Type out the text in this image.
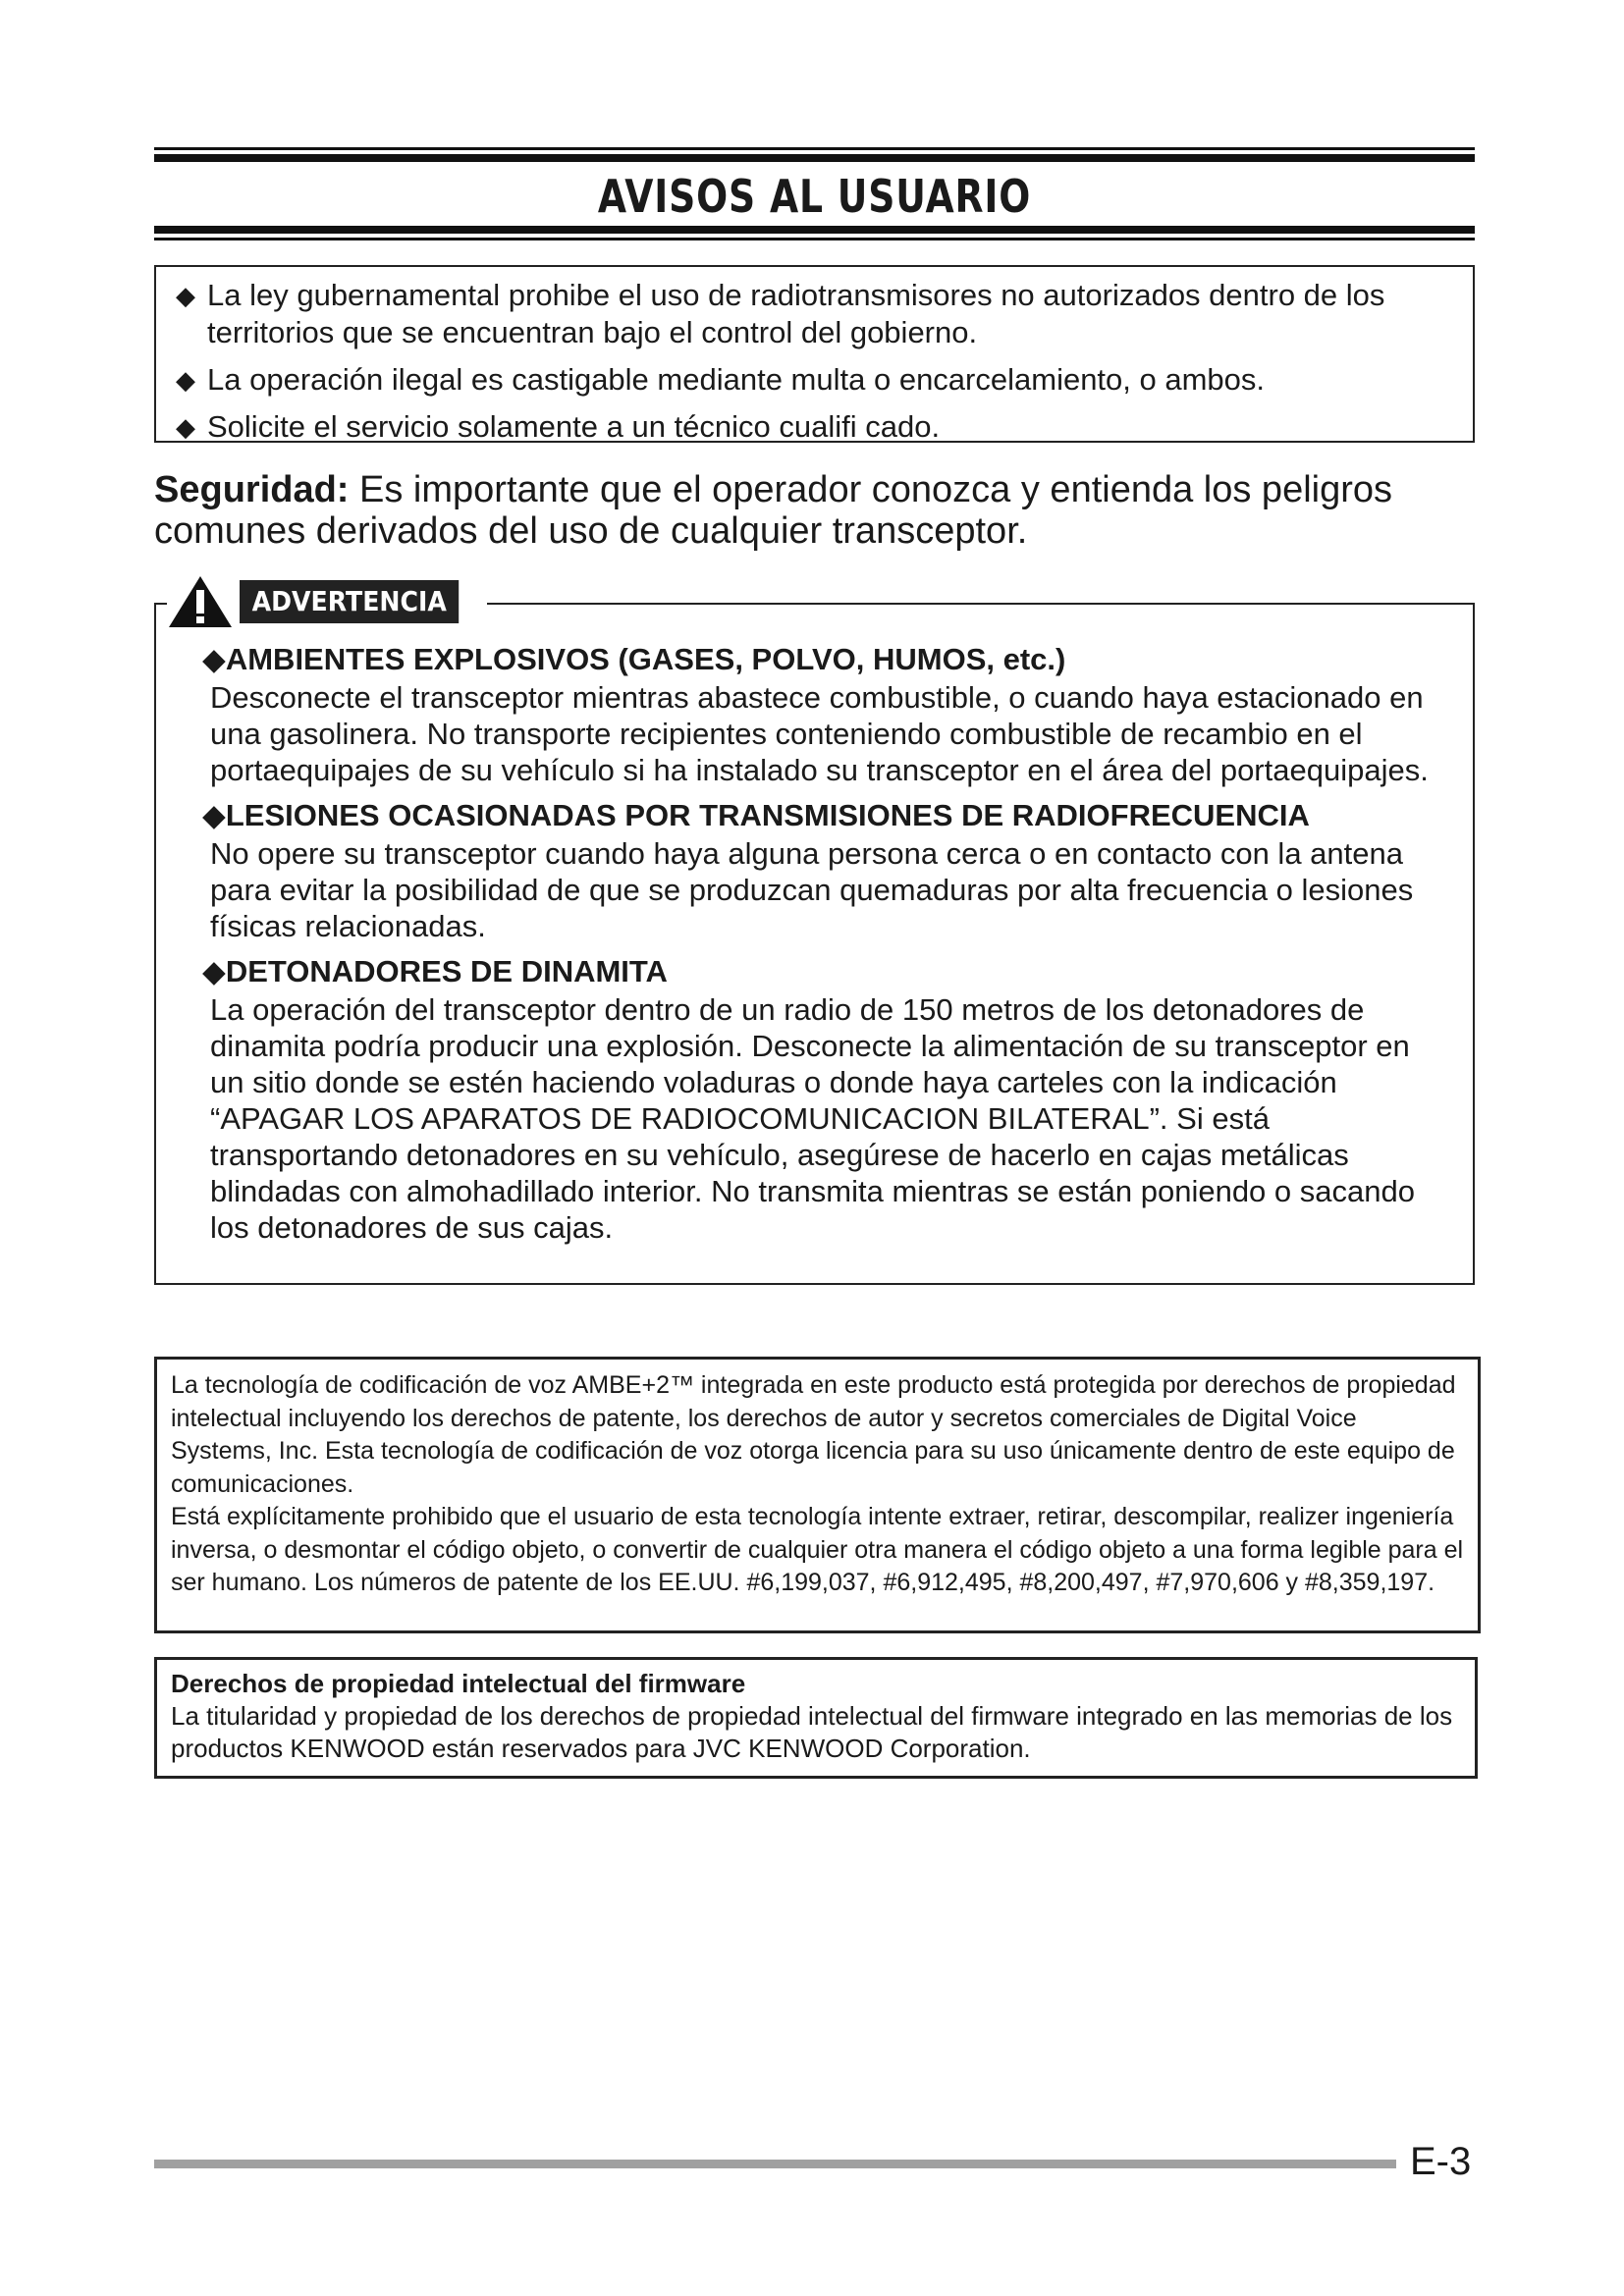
AVISOS AL USUARIO
◆ La ley gubernamental prohibe el uso de radiotransmisores no autorizados dentro de los territorios que se encuentran bajo el control del gobierno.
◆ La operación ilegal es castigable mediante multa o encarcelamiento, o ambos.
◆ Solicite el servicio solamente a un técnico cualifi cado.
Seguridad: Es importante que el operador conozca y entienda los peligros comunes derivados del uso de cualquier transceptor.
◆AMBIENTES EXPLOSIVOS (GASES, POLVO, HUMOS, etc.)
Desconecte el transceptor mientras abastece combustible, o cuando haya estacionado en una gasolinera. No transporte recipientes conteniendo combustible de recambio en el portaequipajes de su vehículo si ha instalado su transceptor en el área del portaequipajes.
◆LESIONES OCASIONADAS POR TRANSMISIONES DE RADIOFRECUENCIA
No opere su transceptor cuando haya alguna persona cerca o en contacto con la antena para evitar la posibilidad de que se produzcan quemaduras por alta frecuencia o lesiones físicas relacionadas.
◆DETONADORES DE DINAMITA
La operación del transceptor dentro de un radio de 150 metros de los detonadores de dinamita podría producir una explosión. Desconecte la alimentación de su transceptor en un sitio donde se estén haciendo voladuras o donde haya carteles con la indicación “APAGAR LOS APARATOS DE RADIOCOMUNICACION BILATERAL”. Si está transportando detonadores en su vehículo, asegúrese de hacerlo en cajas metálicas blindadas con almohadillado interior. No transmita mientras se están poniendo o sacando los detonadores de sus cajas.
ADVERTENCIA
La tecnología de codificación de voz AMBE+2™ integrada en este producto está protegida por derechos de propiedad intelectual incluyendo los derechos de patente, los derechos de autor y secretos comerciales de Digital Voice Systems, Inc. Esta tecnología de codificación de voz otorga licencia para su uso únicamente dentro de este equipo de comunicaciones.
Está explícitamente prohibido que el usuario de esta tecnología intente extraer, retirar, descompilar, realizer ingeniería inversa, o desmontar el código objeto, o convertir de cualquier otra manera el código objeto a una forma legible para el ser humano. Los números de patente de los EE.UU. #6,199,037, #6,912,495, #8,200,497, #7,970,606 y #8,359,197.
Derechos de propiedad intelectual del firmware
La titularidad y propiedad de los derechos de propiedad intelectual del firmware integrado en las memorias de los productos KENWOOD están reservados para JVC KENWOOD Corporation.
E-3
